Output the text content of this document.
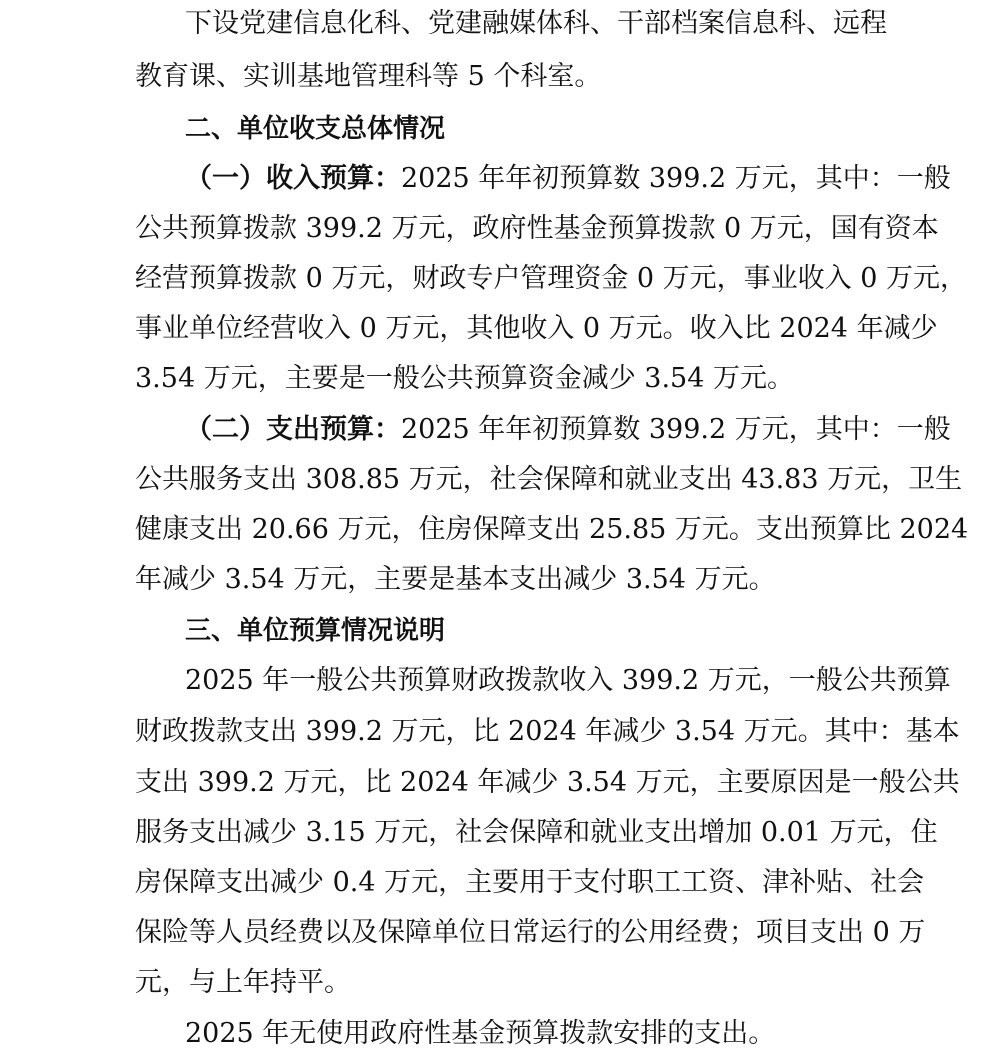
下设党建信息化科、党建融媒体科、干部档案信息科、远程
教育课、实训基地管理科等 5 个科室。
二、单位收支总体情况
（一）收入预算： 2025 年年初预算数 399.2 万元，其中：一般
公共预算拨款 399.2 万元，政府性基金预算拨款 0 万元，国有资本
经营预算拨款 0 万元，财政专户管理资金 0 万元，事业收入 0 万元，
事业单位经营收入 0 万元，其他收入 0 万元。收入比 2024 年减少
3.54 万元，主要是一般公共预算资金减少 3.54 万元。
（二）支出预算： 2025 年年初预算数 399.2 万元，其中：一般
公共服务支出 308.85 万元，社会保障和就业支出 43.83 万元，卫生
健康支出 20.66 万元，住房保障支出 25.85 万元。支出预算比 2024
年减少 3.54 万元，主要是基本支出减少 3.54 万元。
三、单位预算情况说明
2025 年一般公共预算财政拨款收入 399.2 万元，一般公共预算
财政拨款支出 399.2 万元，比 2024 年减少 3.54 万元。其中：基本
支出 399.2 万元，比 2024 年减少 3.54 万元，主要原因是一般公共
服务支出减少 3.15 万元，社会保障和就业支出增加 0.01 万元，住
房保障支出减少 0.4 万元，主要用于支付职工工资、津补贴、社会
保险等人员经费以及保障单位日常运行的公用经费；项目支出 0 万
元，与上年持平。
2025 年无使用政府性基金预算拨款安排的支出。
